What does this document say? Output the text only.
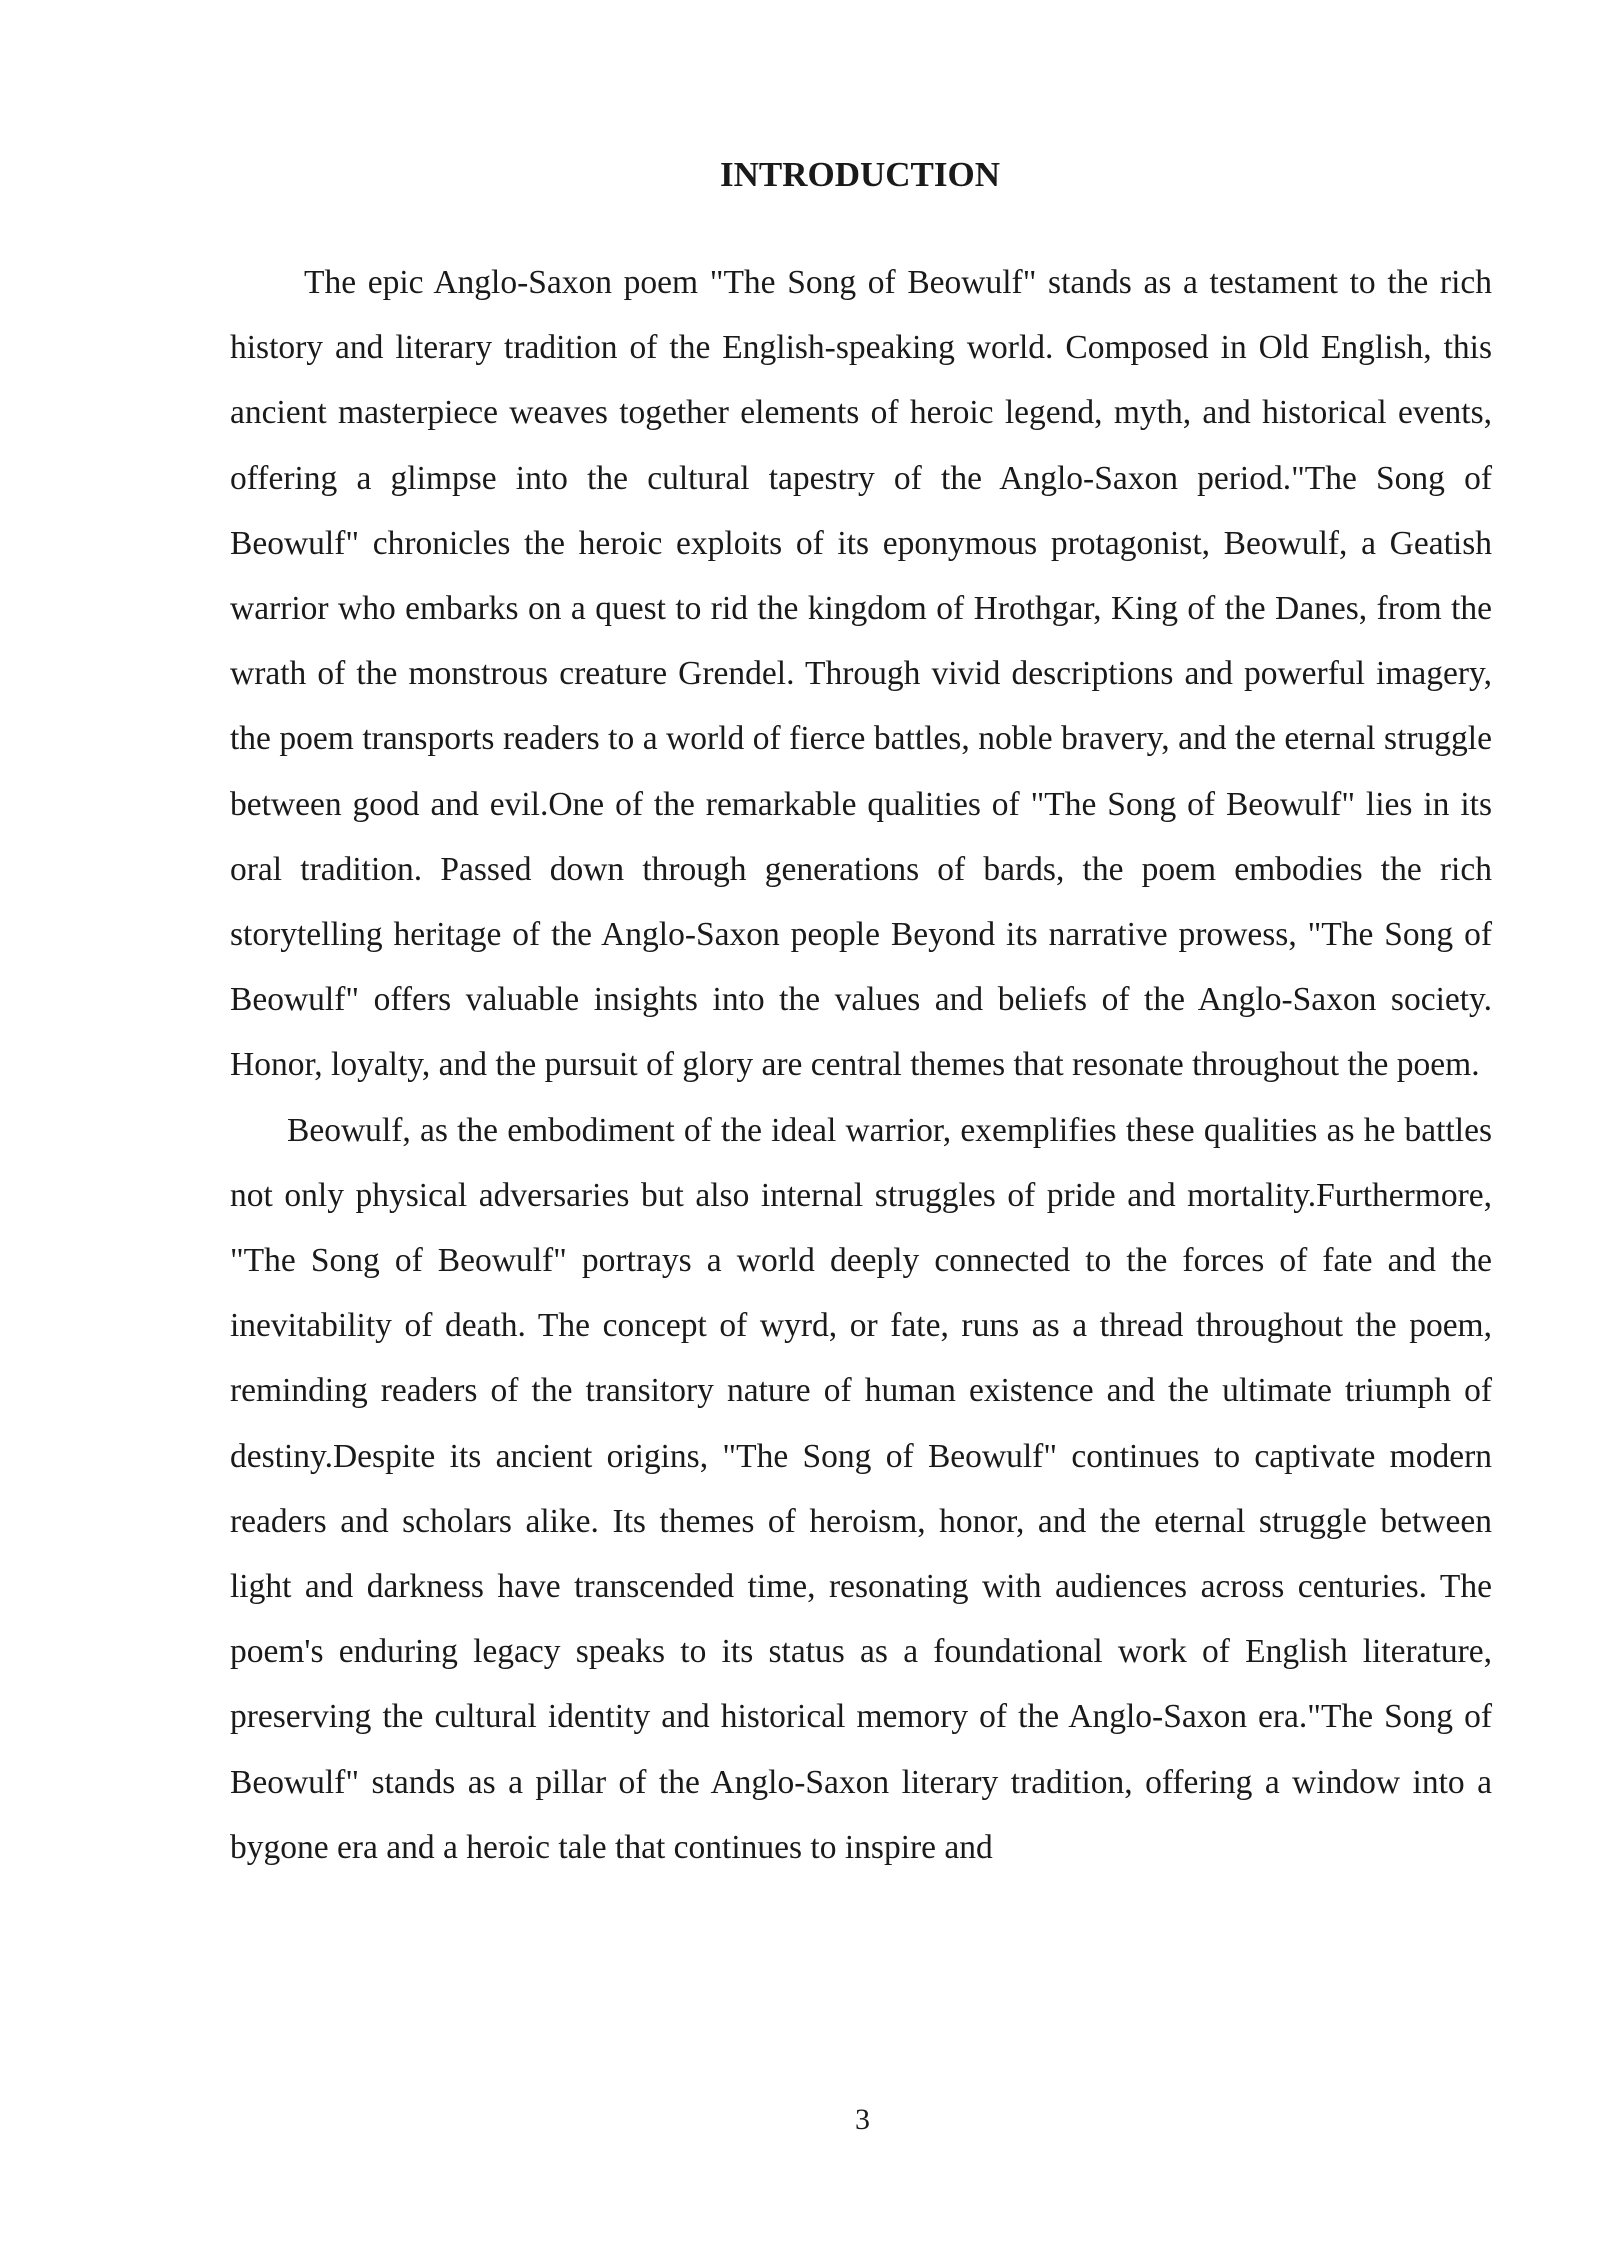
INTRODUCTION

The epic Anglo-Saxon poem "The Song of Beowulf" stands as a testament to the rich history and literary tradition of the English-speaking world. Composed in Old English, this ancient masterpiece weaves together elements of heroic legend, myth, and historical events, offering a glimpse into the cultural tapestry of the Anglo-Saxon period."The Song of Beowulf" chronicles the heroic exploits of its eponymous protagonist, Beowulf, a Geatish warrior who embarks on a quest to rid the kingdom of Hrothgar, King of the Danes, from the wrath of the monstrous creature Grendel. Through vivid descriptions and powerful imagery, the poem transports readers to a world of fierce battles, noble bravery, and the eternal struggle between good and evil.One of the remarkable qualities of "The Song of Beowulf" lies in its oral tradition. Passed down through generations of bards, the poem embodies the rich storytelling heritage of the Anglo-Saxon people Beyond its narrative prowess, "The Song of Beowulf" offers valuable insights into the values and beliefs of the Anglo-Saxon society. Honor, loyalty, and the pursuit of glory are central themes that resonate throughout the poem.

Beowulf, as the embodiment of the ideal warrior, exemplifies these qualities as he battles not only physical adversaries but also internal struggles of pride and mortality.Furthermore, "The Song of Beowulf" portrays a world deeply connected to the forces of fate and the inevitability of death. The concept of wyrd, or fate, runs as a thread throughout the poem, reminding readers of the transitory nature of human existence and the ultimate triumph of destiny.Despite its ancient origins, "The Song of Beowulf" continues to captivate modern readers and scholars alike. Its themes of heroism, honor, and the eternal struggle between light and darkness have transcended time, resonating with audiences across centuries. The poem's enduring legacy speaks to its status as a foundational work of English literature, preserving the cultural identity and historical memory of the Anglo-Saxon era."The Song of Beowulf" stands as a pillar of the Anglo-Saxon literary tradition, offering a window into a bygone era and a heroic tale that continues to inspire and

3
